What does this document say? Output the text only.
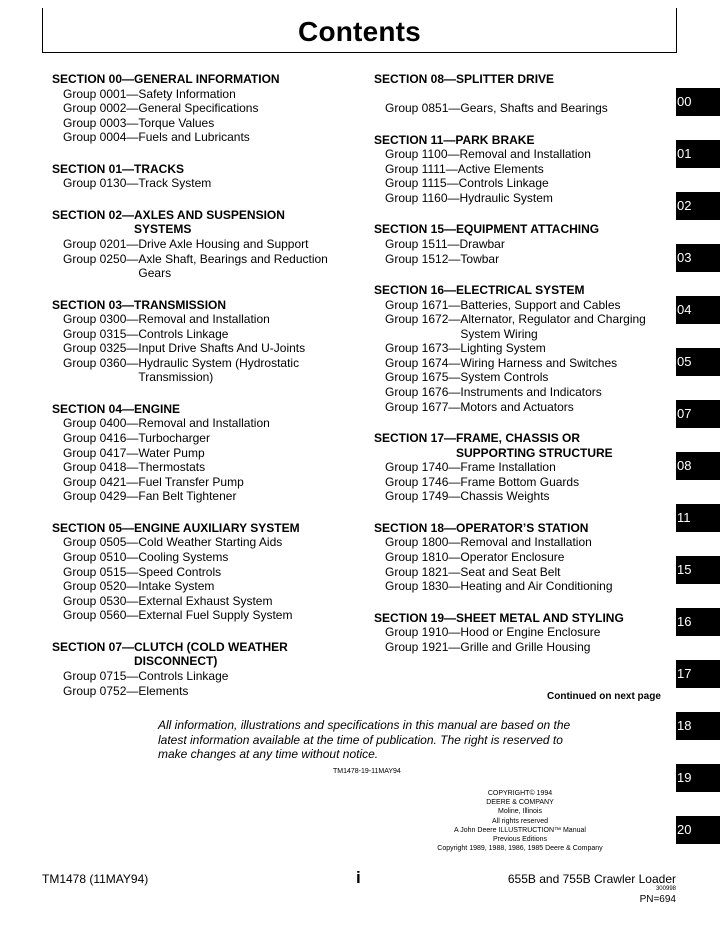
Contents
SECTION 00—GENERAL INFORMATION
Group 0001— Safety Information
Group 0002— General Specifications
Group 0003— Torque Values
Group 0004— Fuels and Lubricants
SECTION 01—TRACKS
Group 0130— Track System
SECTION 02—AXLES AND SUSPENSION
SYSTEMS
Group 0201— Drive Axle Housing and Support
Group 0250— Axle Shaft, Bearings and Reduction Gears
SECTION 03—TRANSMISSION
Group 0300— Removal and Installation
Group 0315— Controls Linkage
Group 0325— Input Drive Shafts And U-Joints
Group 0360— Hydraulic System (Hydrostatic Transmission)
SECTION 04—ENGINE
Group 0400— Removal and Installation
Group 0416— Turbocharger
Group 0417— Water Pump
Group 0418— Thermostats
Group 0421— Fuel Transfer Pump
Group 0429— Fan Belt Tightener
SECTION 05—ENGINE AUXILIARY SYSTEM
Group 0505— Cold Weather Starting Aids
Group 0510— Cooling Systems
Group 0515— Speed Controls
Group 0520— Intake System
Group 0530— External Exhaust System
Group 0560— External Fuel Supply System
SECTION 07—CLUTCH (COLD WEATHER
DISCONNECT)
Group 0715— Controls Linkage
Group 0752— Elements
SECTION 08—SPLITTER DRIVE
Group 0851— Gears, Shafts and Bearings
SECTION 11—PARK BRAKE
Group 1100— Removal and Installation
Group 1111— Active Elements
Group 1115— Controls Linkage
Group 1160— Hydraulic System
SECTION 15—EQUIPMENT ATTACHING
Group 1511— Drawbar
Group 1512— Towbar
SECTION 16—ELECTRICAL SYSTEM
Group 1671— Batteries, Support and Cables
Group 1672— Alternator, Regulator and Charging System Wiring
Group 1673— Lighting System
Group 1674— Wiring Harness and Switches
Group 1675— System Controls
Group 1676— Instruments and Indicators
Group 1677— Motors and Actuators
SECTION 17—FRAME, CHASSIS OR
SUPPORTING STRUCTURE
Group 1740— Frame Installation
Group 1746— Frame Bottom Guards
Group 1749— Chassis Weights
SECTION 18—OPERATOR’S STATION
Group 1800— Removal and Installation
Group 1810— Operator Enclosure
Group 1821— Seat and Seat Belt
Group 1830— Heating and Air Conditioning
SECTION 19—SHEET METAL AND STYLING
Group 1910— Hood or Engine Enclosure
Group 1921— Grille and Grille Housing
Continued on next page
All information, illustrations and specifications in this manual are based on the latest information available at the time of publication. The right is reserved to make changes at any time without notice.
TM1478-19-11MAY94
COPYRIGHT© 1994
DEERE & COMPANY
Moline, Illinois
All rights reserved
A John Deere ILLUSTRUCTION™ Manual
Previous Editions
Copyright 1989, 1988, 1986, 1985 Deere & Company
TM1478 (11MAY94)	i	655B and 755B Crawler Loader
300998
PN=694
00
01
02
03
04
05
07
08
11
15
16
17
18
19
20
